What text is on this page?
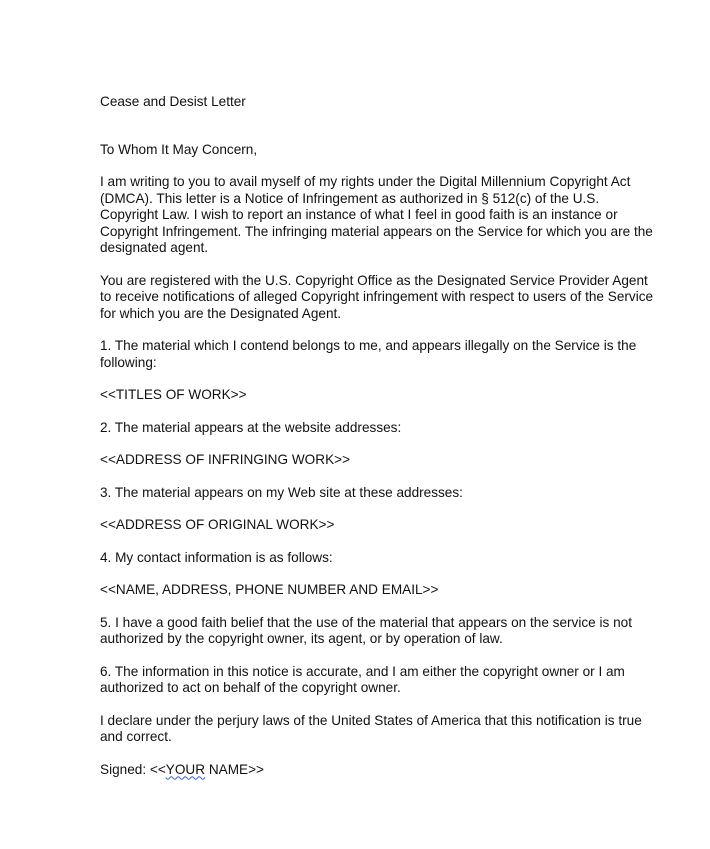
Cease and Desist Letter
To Whom It May Concern,

I am writing to you to avail myself of my rights under the Digital Millennium Copyright Act (DMCA). This letter is a Notice of Infringement as authorized in § 512(c) of the U.S. Copyright Law. I wish to report an instance of what I feel in good faith is an instance or Copyright Infringement. The infringing material appears on the Service for which you are the designated agent.

You are registered with the U.S. Copyright Office as the Designated Service Provider Agent to receive notifications of alleged Copyright infringement with respect to users of the Service for which you are the Designated Agent.

1. The material which I contend belongs to me, and appears illegally on the Service is the following:

<<TITLES OF WORK>>

2. The material appears at the website addresses:

<<ADDRESS OF INFRINGING WORK>>

3. The material appears on my Web site at these addresses:

<<ADDRESS OF ORIGINAL WORK>>

4. My contact information is as follows:

<<NAME, ADDRESS, PHONE NUMBER AND EMAIL>>

5. I have a good faith belief that the use of the material that appears on the service is not authorized by the copyright owner, its agent, or by operation of law.

6. The information in this notice is accurate, and I am either the copyright owner or I am authorized to act on behalf of the copyright owner.

I declare under the perjury laws of the United States of America that this notification is true and correct.

Signed: <<YOUR NAME>>
